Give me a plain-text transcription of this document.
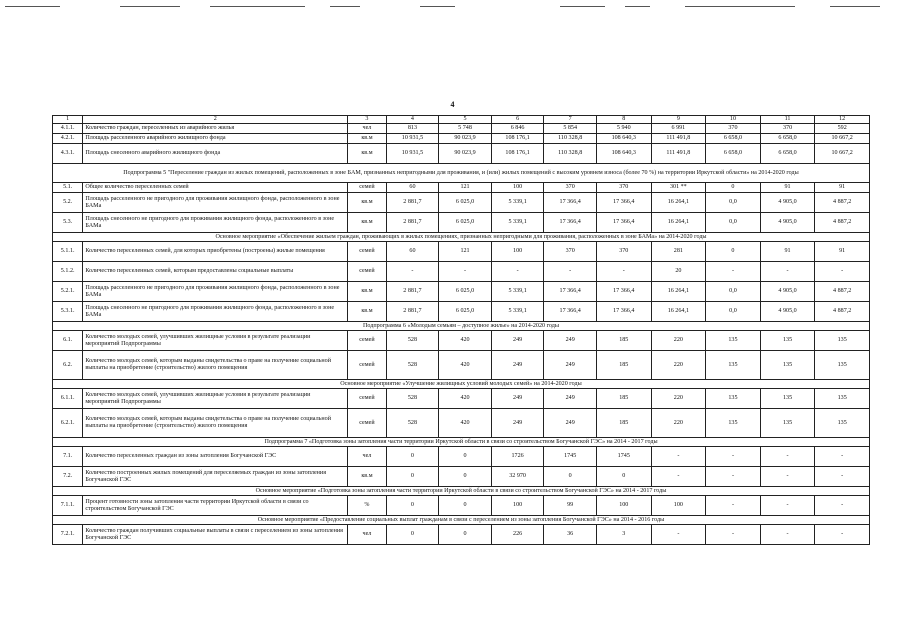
4
1	2	3	4	5	6	7	8	9	10	11	12
4.1.1.	Количество граждан, переселенных из аварийного жилья	чел	813	5 748	6 846	5 854	5 940	6 991	370	370	592
4.2.1.	Площадь расселенного аварийного жилищного фонда	кв.м	10 931,5	90 023,9	108 176,1	110 328,8	108 640,3	111 491,8	6 658,0	6 658,0	10 667,2
4.3.1.	Площадь снесенного аварийного жилищного фонда	кв.м	10 931,5	90 023,9	108 176,1	110 328,8	108 640,3	111 491,8	6 658,0	6 658,0	10 667,2
Подпрограмма 5 "Переселение граждан из жилых помещений, расположенных в зоне БАМ, признанных непригодными для проживания, и (или) жилых помещений с высоким уровнем износа (более 70 %) на территории Иркутской области» на 2014-2020 годы											
5.1.	Общее количество переселенных семей	семей	60	121	100	370	370	301 **	0	91	91
5.2.	Площадь расселенного не пригодного для проживания жилищного фонда, расположенного в зоне БАМа	кв.м	2 881,7	6 025,0	5 339,1	17 366,4	17 366,4	16 264,1	0,0	4 905,0	4 887,2
5.3.	Площадь снесенного не пригодного для проживания жилищного фонда, расположенного в зоне БАМа	кв.м	2 881,7	6 025,0	5 339,1	17 366,4	17 366,4	16 264,1	0,0	4 905,0	4 887,2
Основное мероприятие «Обеспечение жильем граждан, проживающих в жилых помещениях, признанных непригодными для проживания, расположенных в зоне БАМа» на 2014-2020 годы											
5.1.1.	Количество переселенных семей, для которых приобретены (построены) жилые помещения	семей	60	121	100	370	370	281	0	91	91
5.1.2.	Количество переселенных семей, которым предоставлены социальные выплаты	семей	-	-	-	-	-	20	-	-	-
5.2.1.	Площадь расселенного не пригодного для проживания жилищного фонда, расположенного в зоне БАМа	кв.м	2 881,7	6 025,0	5 339,1	17 366,4	17 366,4	16 264,1	0,0	4 905,0	4 887,2
5.3.1.	Площадь снесенного не пригодного для проживания жилищного фонда, расположенного в зоне БАМа	кв.м	2 881,7	6 025,0	5 339,1	17 366,4	17 366,4	16 264,1	0,0	4 905,0	4 887,2
Подпрограмма 6 «Молодым семьям – доступное жилье» на 2014-2020 годы											
6.1.	Количество молодых семей, улучшивших жилищные условия в результате реализации мероприятий Подпрограммы	семей	528	420	249	249	185	220	135	135	135
6.2.	Количество молодых семей, которым выданы свидетельства о праве на получение социальной выплаты на приобретение (строительство) жилого помещения	семей	528	420	249	249	185	220	135	135	135
Основное мероприятие «Улучшение жилищных условий молодых семей» на 2014-2020 годы											
6.1.1.	Количество молодых семей, улучшивших жилищные условия в результате реализации мероприятий Подпрограммы	семей	528	420	249	249	185	220	135	135	135
6.2.1.	Количество молодых семей, которым выданы свидетельства о праве на получение социальной выплаты на приобретение (строительство) жилого помещения	семей	528	420	249	249	185	220	135	135	135
Подпрограмма 7 «Подготовка зоны затопления части территории Иркутской области в связи со строительством Богучанской ГЭС» на 2014 - 2017 годы											
7.1.	Количество переселенных граждан из зоны затопления Богучанской ГЭС	чел	0	0	1726	1745	1745	-	-	-	-
7.2.	Количество построенных жилых помещений для переселяемых граждан из зоны затопления Богучанской ГЭС	кв.м	0	0	32 970	0	0	-	-	-	-
Основное мероприятие «Подготовка зоны затопления части территории Иркутской области в связи со строительством Богучанской ГЭС» на 2014 - 2017 годы											
7.1.1.	Процент готовности зоны затопления части территории Иркутской области в связи со строительством Богучанской ГЭС	%	0	0	100	99	100	100	-	-	-
Основное мероприятие «Предоставление социальных выплат гражданам в связи с переселением из зоны затопления Богучанской ГЭС» на 2014 - 2016 годы											
7.2.1.	Количество граждан получивших социальные выплаты в связи с переселением из зоны затопления Богучанской ГЭС	чел	0	0	226	36	3	-	-	-	-
